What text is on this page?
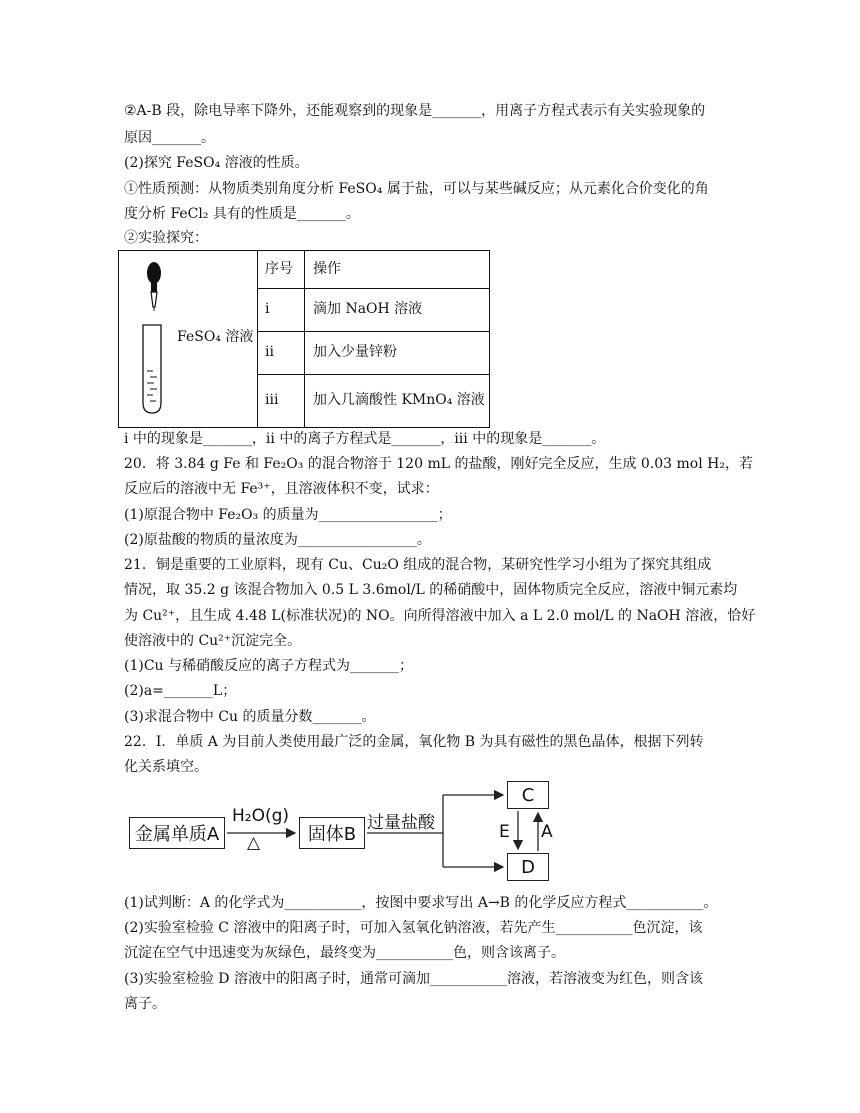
②A-B 段，除电导率下降外，还能观察到的现象是_______，用离子方程式表示有关实验现象的
原因_______。
(2)探究 FeSO₄ 溶液的性质。
①性质预测：从物质类别角度分析 FeSO₄ 属于盐，可以与某些碱反应；从元素化合价变化的角
度分析 FeCl₂ 具有的性质是_______。
②实验探究：
FeSO₄ 溶液
序号 操作
i	滴加 NaOH 溶液
ii	加入少量锌粉
iii 加入几滴酸性 KMnO₄ 溶液
i 中的现象是_______，ii 中的离子方程式是_______，iii 中的现象是_______。
20．将 3.84 g Fe 和 Fe₂O₃ 的混合物溶于 120 mL 的盐酸，刚好完全反应，生成 0.03 mol H₂，若
反应后的溶液中无 Fe³⁺，且溶液体积不变，试求：
(1)原混合物中 Fe₂O₃ 的质量为_________________；
(2)原盐酸的物质的量浓度为_________________。
21．铜是重要的工业原料，现有 Cu、Cu₂O 组成的混合物，某研究性学习小组为了探究其组成
情况，取 35.2 g 该混合物加入 0.5 L 3.6mol/L 的稀硝酸中，固体物质完全反应，溶液中铜元素均
为 Cu²⁺，且生成 4.48 L(标准状况)的 NO。向所得溶液中加入 a L 2.0 mol/L 的 NaOH 溶液，恰好
使溶液中的 Cu²⁺沉淀完全。
(1)Cu 与稀硝酸反应的离子方程式为_______；
(2)a=_______L；
(3)求混合物中 Cu 的质量分数_______。
22．I．单质 A 为目前人类使用最广泛的金属，氧化物 B 为具有磁性的黑色晶体，根据下列转
化关系填空。
金属单质A
H₂O(g)
△	固体B
过量盐酸
C
D
E A
(1)试判断：A 的化学式为___________，按图中要求写出 A→B 的化学反应方程式___________。
(2)实验室检验 C 溶液中的阳离子时，可加入氢氧化钠溶液，若先产生___________色沉淀，该
沉淀在空气中迅速变为灰绿色，最终变为___________色，则含该离子。
(3)实验室检验 D 溶液中的阳离子时，通常可滴加___________溶液，若溶液变为红色，则含该
离子。
